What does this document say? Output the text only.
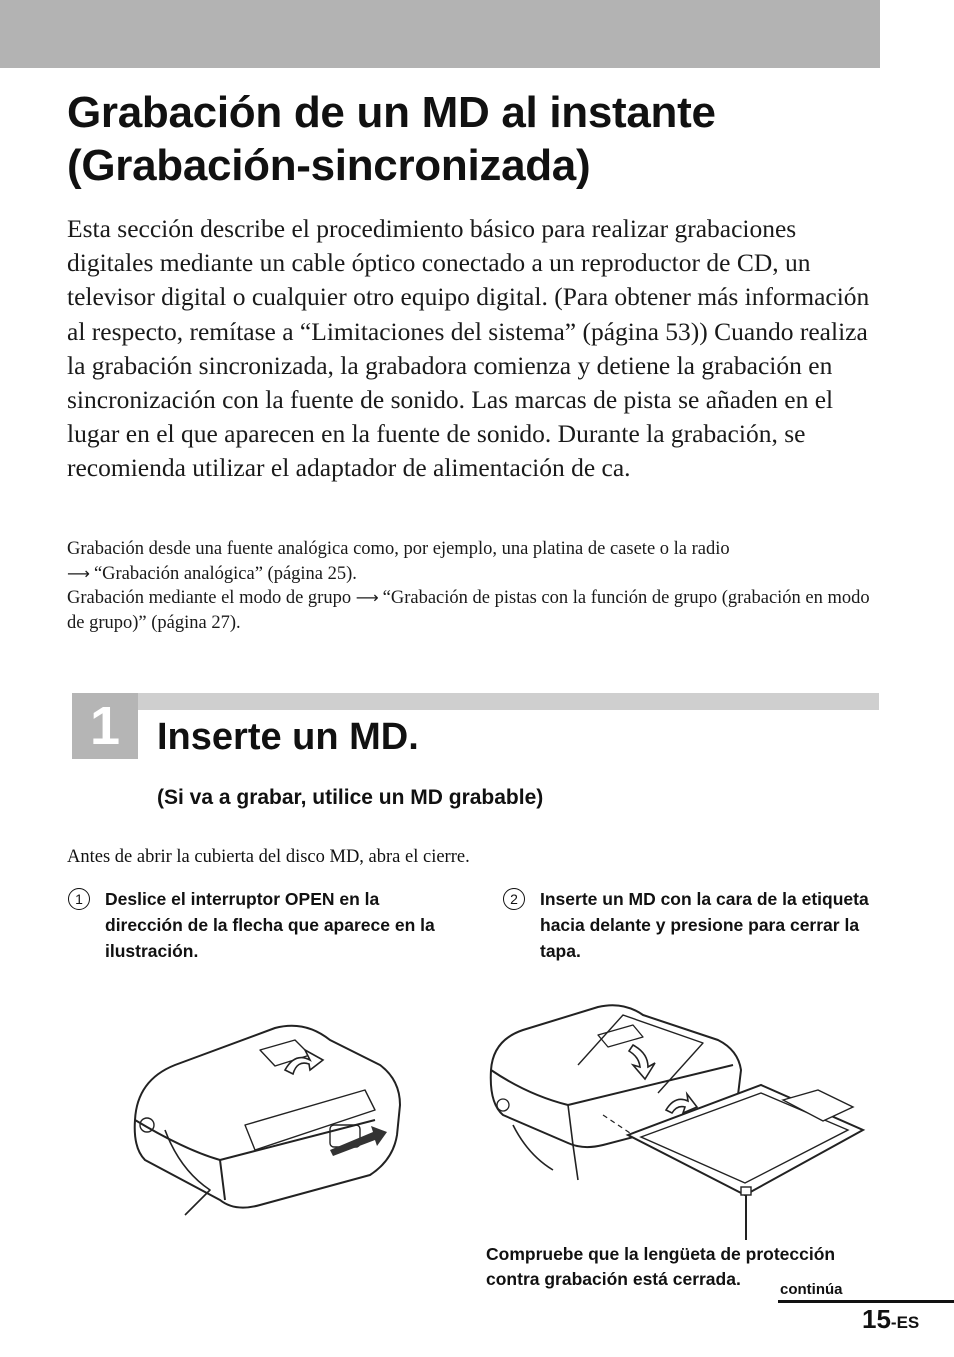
Grabación de un MD al instante
(Grabación-sincronizada)

Esta sección describe el procedimiento básico para realizar grabaciones digitales mediante un cable óptico conectado a un reproductor de CD, un televisor digital o cualquier otro equipo digital. (Para obtener más información al respecto, remítase a “Limitaciones del sistema” (página 53)) Cuando realiza la grabación sincronizada, la grabadora comienza y detiene la grabación en sincronización con la fuente de sonido. Las marcas de pista se añaden en el lugar en el que aparecen en la fuente de sonido. Durante la grabación, se recomienda utilizar el adaptador de alimentación de ca.

Grabación desde una fuente analógica como, por ejemplo, una platina de casete o la radio
⟶ “Grabación analógica” (página 25).
Grabación mediante el modo de grupo ⟶ “Grabación de pistas con la función de grupo (grabación en modo de grupo)” (página 27).
1 Inserte un MD.
(Si va a grabar, utilice un MD grabable)
Antes de abrir la cubierta del disco MD, abra el cierre.
1	Deslice el interruptor OPEN en la dirección de la flecha que aparece en la ilustración.
2	Inserte un MD con la cara de la etiqueta hacia delante y presione para cerrar la tapa.
Compruebe que la lengüeta de protección contra grabación está cerrada.
continúa
15-ES
